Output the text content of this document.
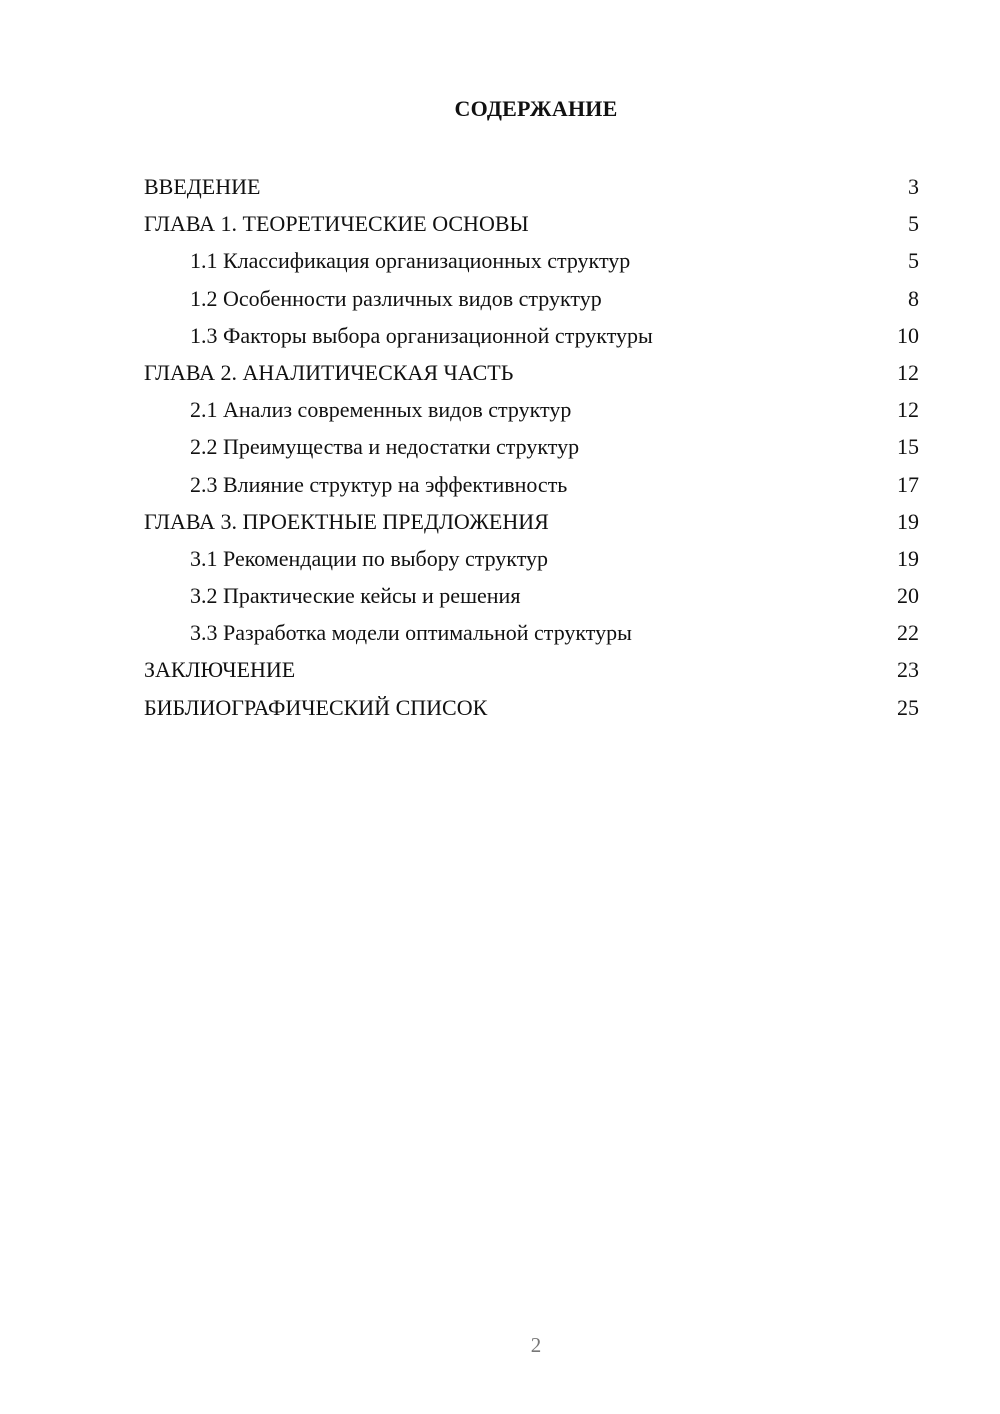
СОДЕРЖАНИЕ
ВВЕДЕНИЕ	3
ГЛАВА 1. ТЕОРЕТИЧЕСКИЕ ОСНОВЫ	5
1.1 Классификация организационных структур	5
1.2 Особенности различных видов структур	8
1.3 Факторы выбора организационной структуры	10
ГЛАВА 2. АНАЛИТИЧЕСКАЯ ЧАСТЬ	12
2.1 Анализ современных видов структур	12
2.2 Преимущества и недостатки структур	15
2.3 Влияние структур на эффективность	17
ГЛАВА 3. ПРОЕКТНЫЕ ПРЕДЛОЖЕНИЯ	19
3.1 Рекомендации по выбору структур	19
3.2 Практические кейсы и решения	20
3.3 Разработка модели оптимальной структуры	22
ЗАКЛЮЧЕНИЕ	23
БИБЛИОГРАФИЧЕСКИЙ СПИСОК	25
2
